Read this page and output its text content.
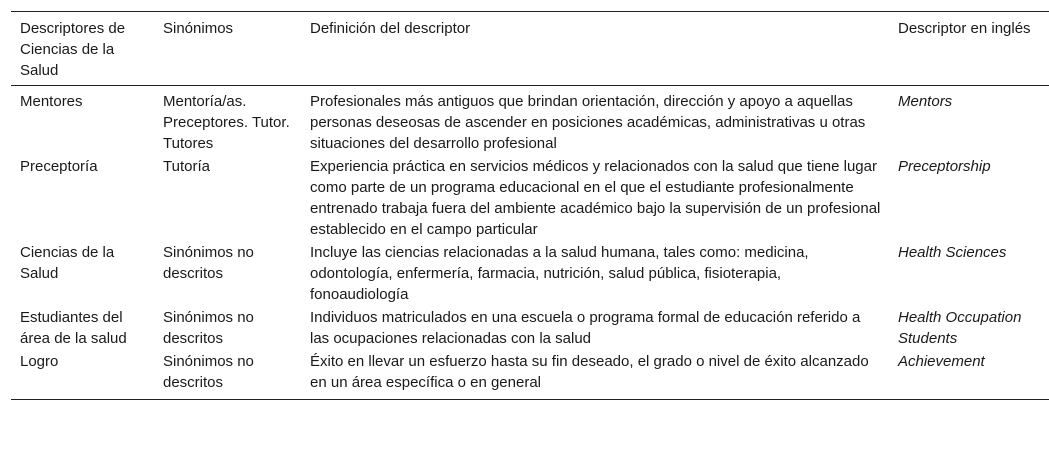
Descriptores de Ciencias de la Salud	Sinónimos	Definición del descriptor	Descriptor en inglés
Mentores	Mentoría/as. Preceptores. Tutor. Tutores	Profesionales más antiguos que brindan orientación, dirección y apoyo a aquellas personas deseosas de ascender en posiciones académicas, administrativas u otras situaciones del desarrollo profesional	Mentors
Preceptoría	Tutoría	Experiencia práctica en servicios médicos y relacionados con la salud que tiene lugar como parte de un programa educacional en el que el estudiante profesionalmente entrenado trabaja fuera del ambiente académico bajo la supervisión de un profesional establecido en el campo particular	Preceptorship
Ciencias de la Salud	Sinónimos no descritos	Incluye las ciencias relacionadas a la salud humana, tales como: medicina, odontología, enfermería, farmacia, nutrición, salud pública, fisioterapia, fonoaudiología	Health Sciences
Estudiantes del área de la salud	Sinónimos no descritos	Individuos matriculados en una escuela o programa formal de educación referido a las ocupaciones relacionadas con la salud	Health Occupation Students
Logro	Sinónimos no descritos	Éxito en llevar un esfuerzo hasta su fin deseado, el grado o nivel de éxito alcanzado en un área específica o en general	Achievement
